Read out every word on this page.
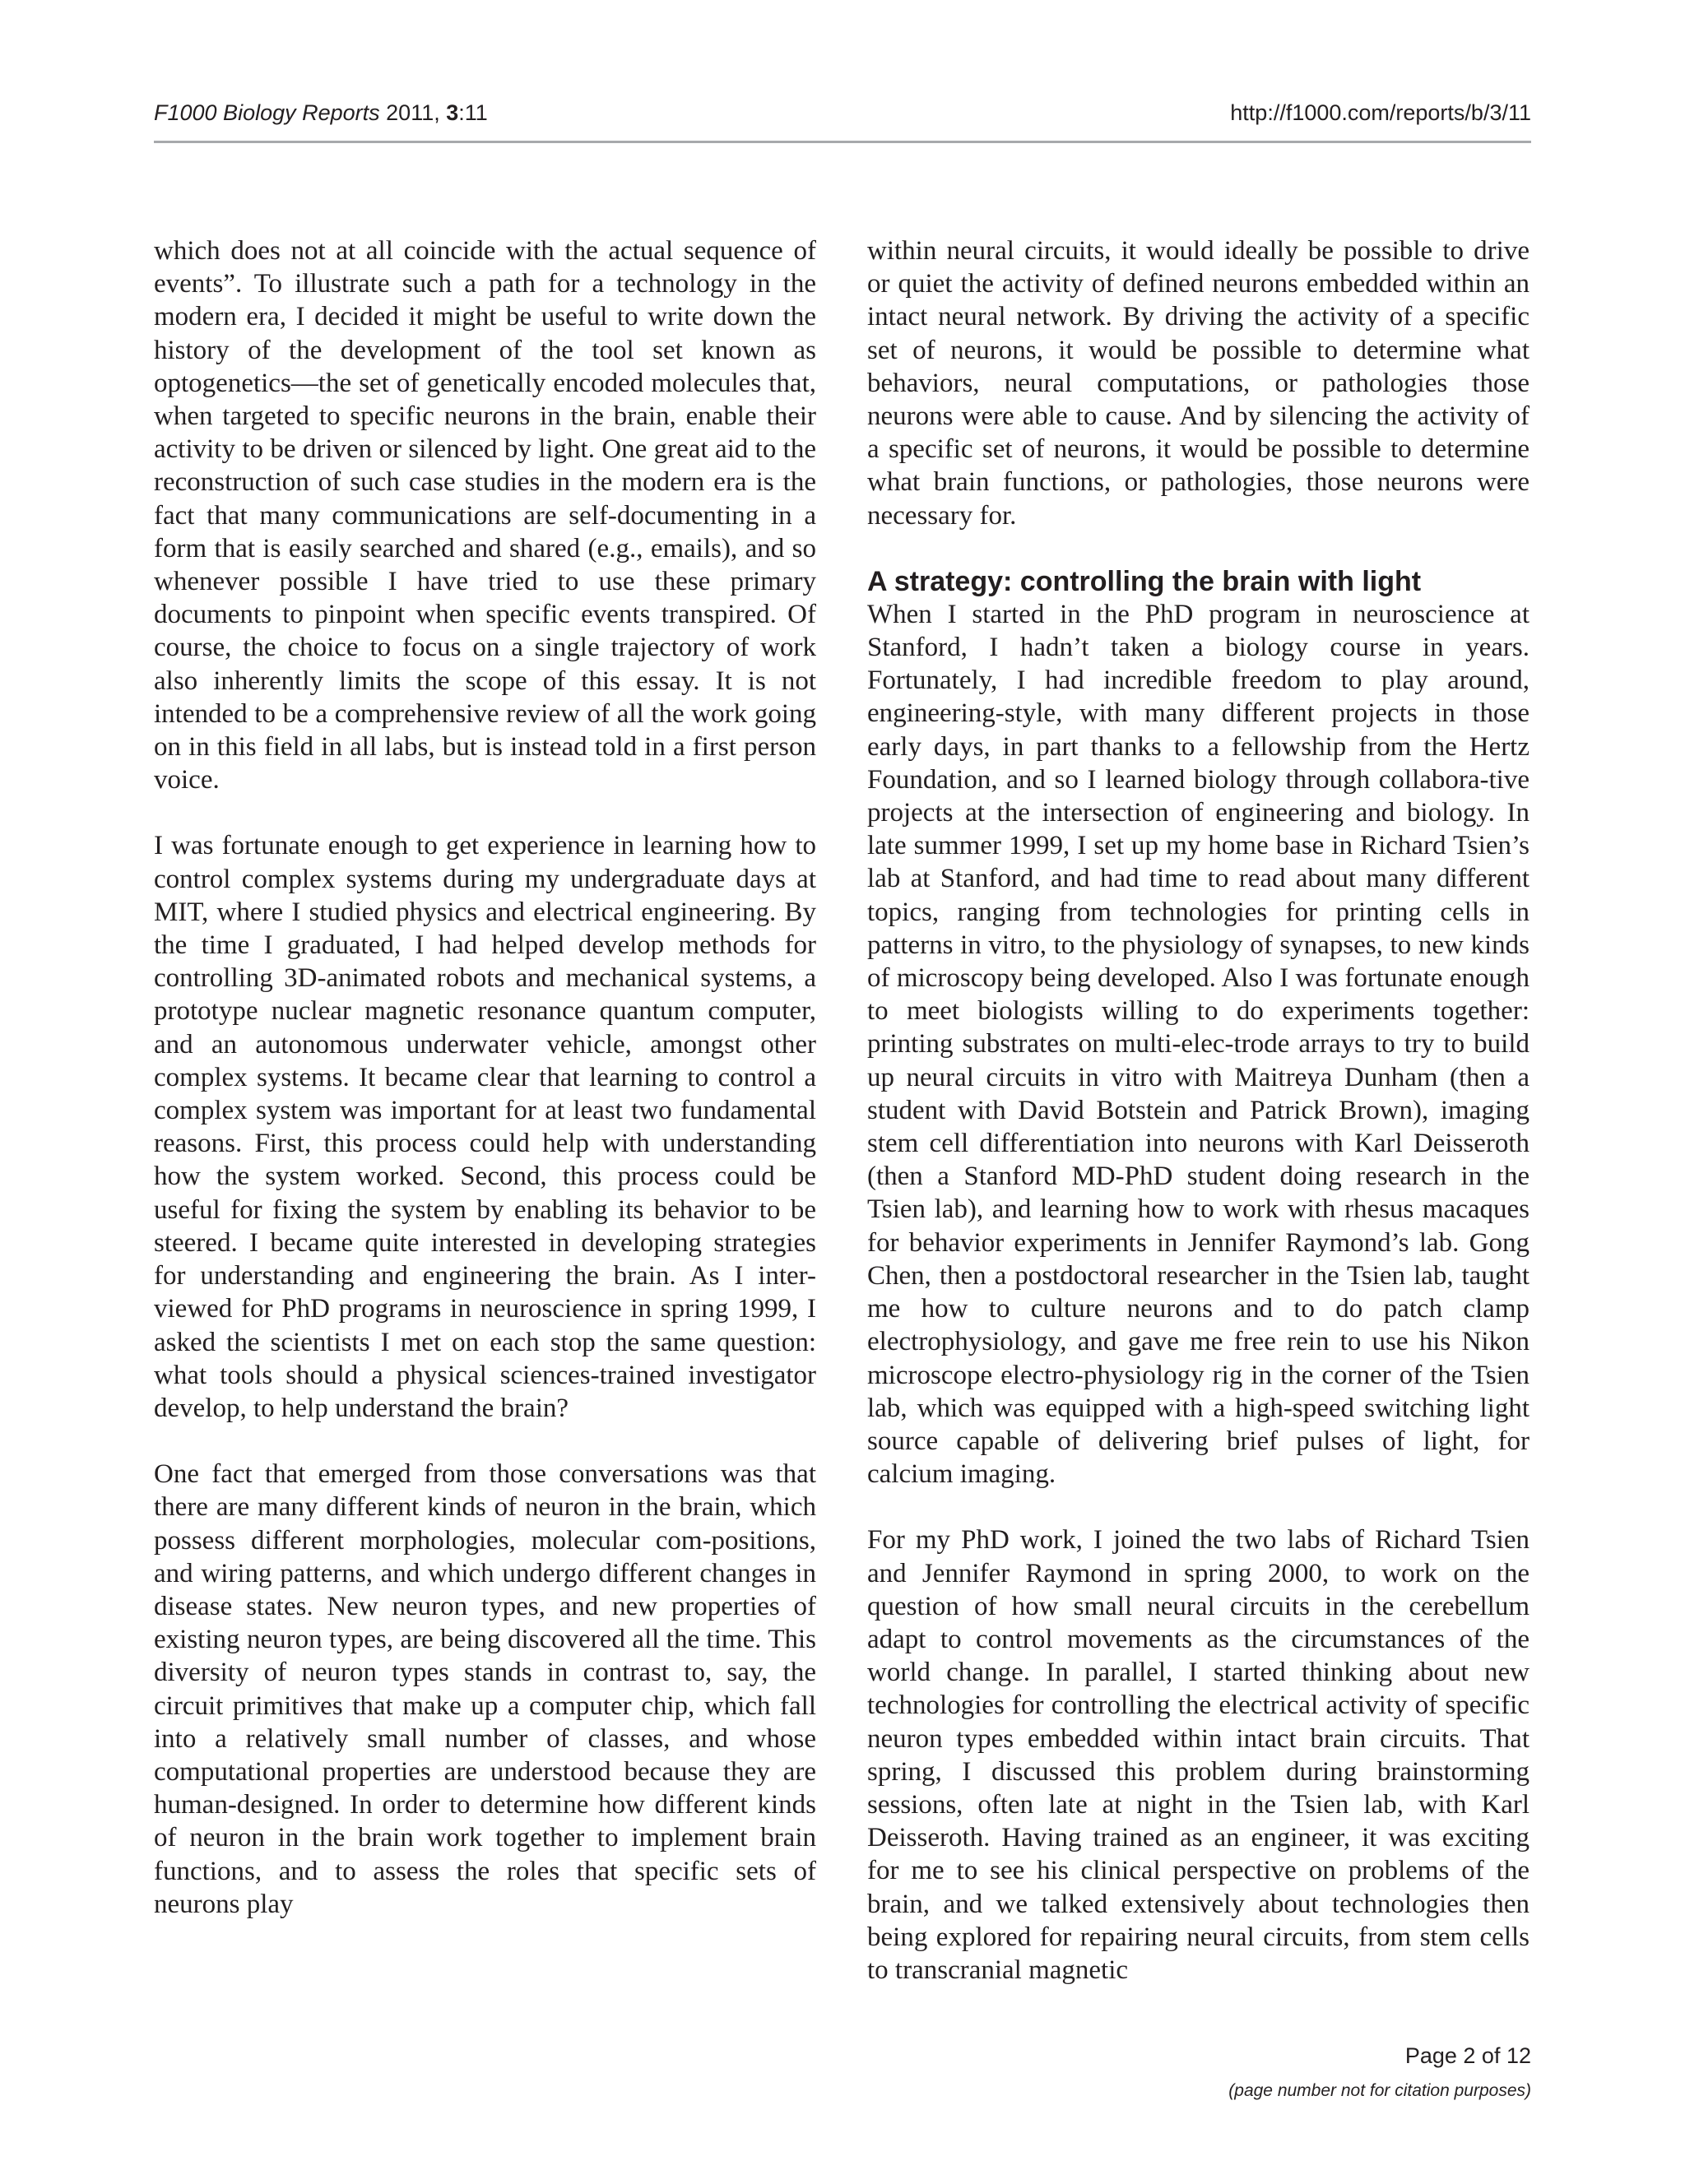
F1000 Biology Reports 2011, 3:11	http://f1000.com/reports/b/3/11

which does not at all coincide with the actual sequence of events”. To illustrate such a path for a technology in the modern era, I decided it might be useful to write down the history of the development of the tool set known as optogenetics—the set of genetically encoded molecules that, when targeted to specific neurons in the brain, enable their activity to be driven or silenced by light. One great aid to the reconstruction of such case studies in the modern era is the fact that many communications are self-documenting in a form that is easily searched and shared (e.g., emails), and so whenever possible I have tried to use these primary documents to pinpoint when specific events transpired. Of course, the choice to focus on a single trajectory of work also inherently limits the scope of this essay. It is not intended to be a comprehensive review of all the work going on in this field in all labs, but is instead told in a first person voice.

I was fortunate enough to get experience in learning how to control complex systems during my undergraduate days at MIT, where I studied physics and electrical engineering. By the time I graduated, I had helped develop methods for controlling 3D-animated robots and mechanical systems, a prototype nuclear magnetic resonance quantum computer, and an autonomous underwater vehicle, amongst other complex systems. It became clear that learning to control a complex system was important for at least two fundamental reasons. First, this process could help with understanding how the system worked. Second, this process could be useful for fixing the system by enabling its behavior to be steered. I became quite interested in developing strategies for understanding and engineering the brain. As I inter-viewed for PhD programs in neuroscience in spring 1999, I asked the scientists I met on each stop the same question: what tools should a physical sciences-trained investigator develop, to help understand the brain?

One fact that emerged from those conversations was that there are many different kinds of neuron in the brain, which possess different morphologies, molecular com-positions, and wiring patterns, and which undergo different changes in disease states. New neuron types, and new properties of existing neuron types, are being discovered all the time. This diversity of neuron types stands in contrast to, say, the circuit primitives that make up a computer chip, which fall into a relatively small number of classes, and whose computational properties are understood because they are human-designed. In order to determine how different kinds of neuron in the brain work together to implement brain functions, and to assess the roles that specific sets of neurons play

within neural circuits, it would ideally be possible to drive or quiet the activity of defined neurons embedded within an intact neural network. By driving the activity of a specific set of neurons, it would be possible to determine what behaviors, neural computations, or pathologies those neurons were able to cause. And by silencing the activity of a specific set of neurons, it would be possible to determine what brain functions, or pathologies, those neurons were necessary for.

A strategy: controlling the brain with light

When I started in the PhD program in neuroscience at Stanford, I hadn’t taken a biology course in years. Fortunately, I had incredible freedom to play around, engineering-style, with many different projects in those early days, in part thanks to a fellowship from the Hertz Foundation, and so I learned biology through collabora-tive projects at the intersection of engineering and biology. In late summer 1999, I set up my home base in Richard Tsien’s lab at Stanford, and had time to read about many different topics, ranging from technologies for printing cells in patterns in vitro, to the physiology of synapses, to new kinds of microscopy being developed. Also I was fortunate enough to meet biologists willing to do experiments together: printing substrates on multi-elec-trode arrays to try to build up neural circuits in vitro with Maitreya Dunham (then a student with David Botstein and Patrick Brown), imaging stem cell differentiation into neurons with Karl Deisseroth (then a Stanford MD-PhD student doing research in the Tsien lab), and learning how to work with rhesus macaques for behavior experiments in Jennifer Raymond’s lab. Gong Chen, then a postdoctoral researcher in the Tsien lab, taught me how to culture neurons and to do patch clamp electrophysiology, and gave me free rein to use his Nikon microscope electro-physiology rig in the corner of the Tsien lab, which was equipped with a high-speed switching light source capable of delivering brief pulses of light, for calcium imaging.

For my PhD work, I joined the two labs of Richard Tsien and Jennifer Raymond in spring 2000, to work on the question of how small neural circuits in the cerebellum adapt to control movements as the circumstances of the world change. In parallel, I started thinking about new technologies for controlling the electrical activity of specific neuron types embedded within intact brain circuits. That spring, I discussed this problem during brainstorming sessions, often late at night in the Tsien lab, with Karl Deisseroth. Having trained as an engineer, it was exciting for me to see his clinical perspective on problems of the brain, and we talked extensively about technologies then being explored for repairing neural circuits, from stem cells to transcranial magnetic

Page 2 of 12
(page number not for citation purposes)
